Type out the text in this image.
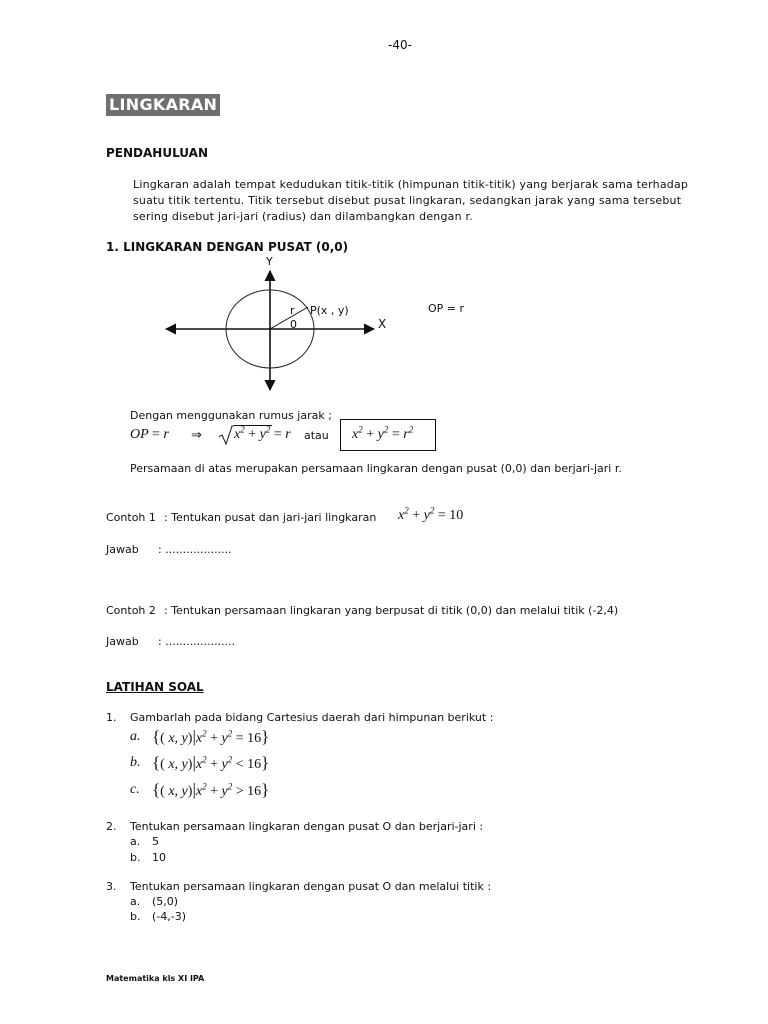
-40-
LINGKARAN
PENDAHULUAN
Lingkaran adalah tempat kedudukan titik-titik (himpunan titik-titik) yang berjarak sama terhadap suatu titik tertentu. Titik tersebut disebut pusat lingkaran, sedangkan jarak yang sama tersebut sering disebut jari-jari (radius) dan dilambangkan dengan r.
1. LINGKARAN DENGAN PUSAT (0,0)
Y
X
r P(x , y)
0
OP = r
Dengan menggunakan rumus jarak ;
OP = r ⇒ $x^2 + y^2 = r$ atau $x^2 + y^2 = r^2$
Persamaan di atas merupakan persamaan lingkaran dengan pusat (0,0) dan berjari-jari r.
Contoh 1 : Tentukan pusat dan jari-jari lingkaran $x^2 + y^2 = 10$
Jawab : ...................
Contoh 2 : Tentukan persamaan lingkaran yang berpusat di titik (0,0) dan melalui titik (-2,4)
Jawab : ....................
LATIHAN SOAL
1. Gambarlah pada bidang Cartesius daerah dari himpunan berikut :
a. {( x, $y)|x^2 + y^2 = 16$}
b. {( x, $y)|x^2 + y^2 < 16$}
c. {( x, $y)|x^2 + y^2 > 16$}
2. Tentukan persamaan lingkaran dengan pusat O dan berjari-jari :
a. 5
b. 10
3. Tentukan persamaan lingkaran dengan pusat O dan melalui titik :
a. (5,0)
b. (-4,-3)
Matematika kls XI IPA
